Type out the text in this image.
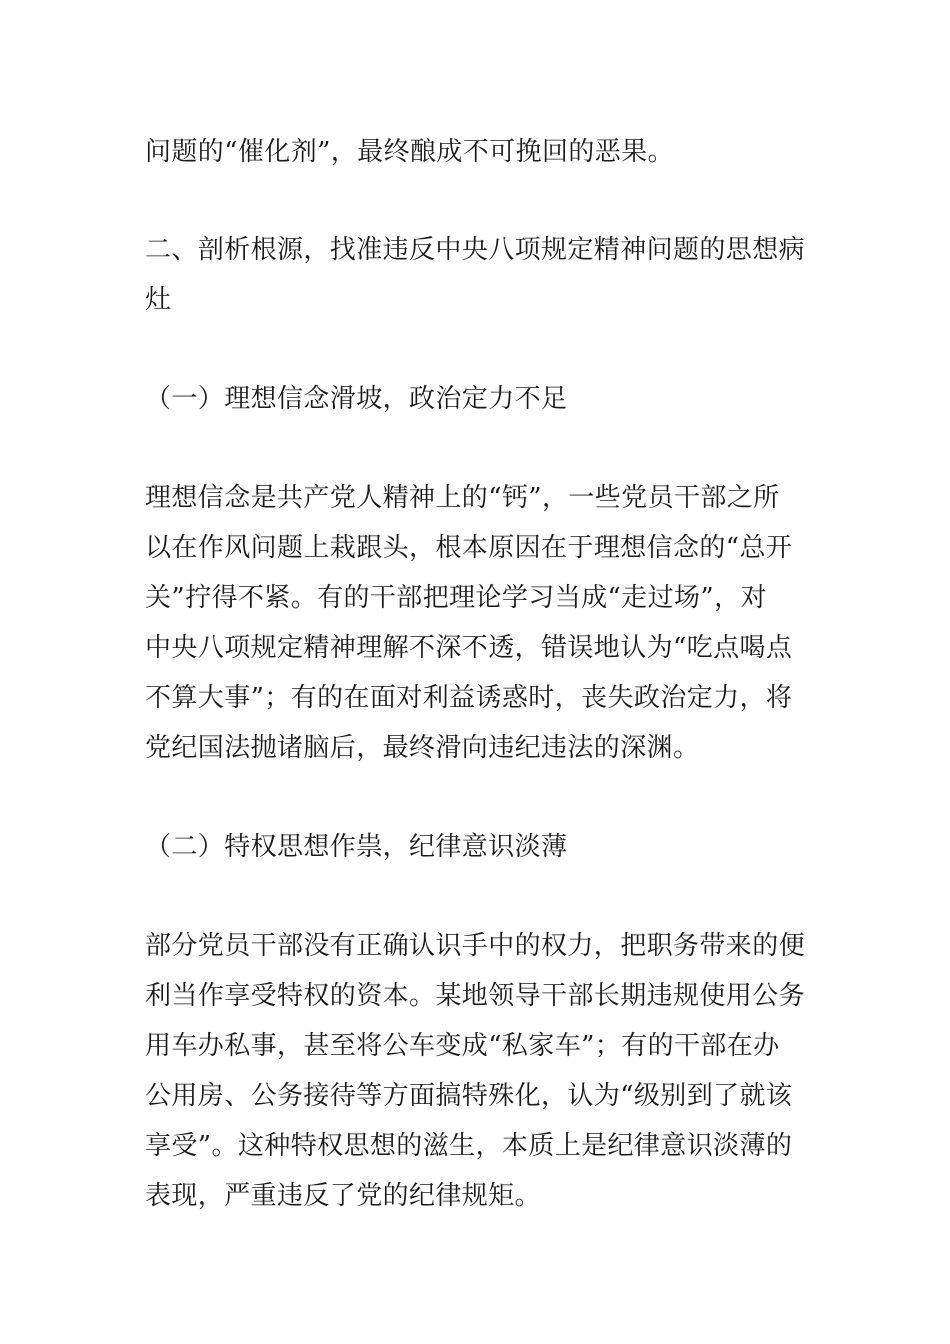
问题的“催化剂”，最终酿成不可挽回的恶果。
二、剖析根源，找准违反中央八项规定精神问题的思想病
灶
（一）理想信念滑坡，政治定力不足
理想信念是共产党人精神上的“钙”，一些党员干部之所
以在作风问题上栽跟头，根本原因在于理想信念的“总开
关”拧得不紧。有的干部把理论学习当成“走过场”，对
中央八项规定精神理解不深不透，错误地认为“吃点喝点
不算大事”；有的在面对利益诱惑时，丧失政治定力，将
党纪国法抛诸脑后，最终滑向违纪违法的深渊。
（二）特权思想作祟，纪律意识淡薄
部分党员干部没有正确认识手中的权力，把职务带来的便
利当作享受特权的资本。某地领导干部长期违规使用公务
用车办私事，甚至将公车变成“私家车”；有的干部在办
公用房、公务接待等方面搞特殊化，认为“级别到了就该
享受”。这种特权思想的滋生，本质上是纪律意识淡薄的
表现，严重违反了党的纪律规矩。
